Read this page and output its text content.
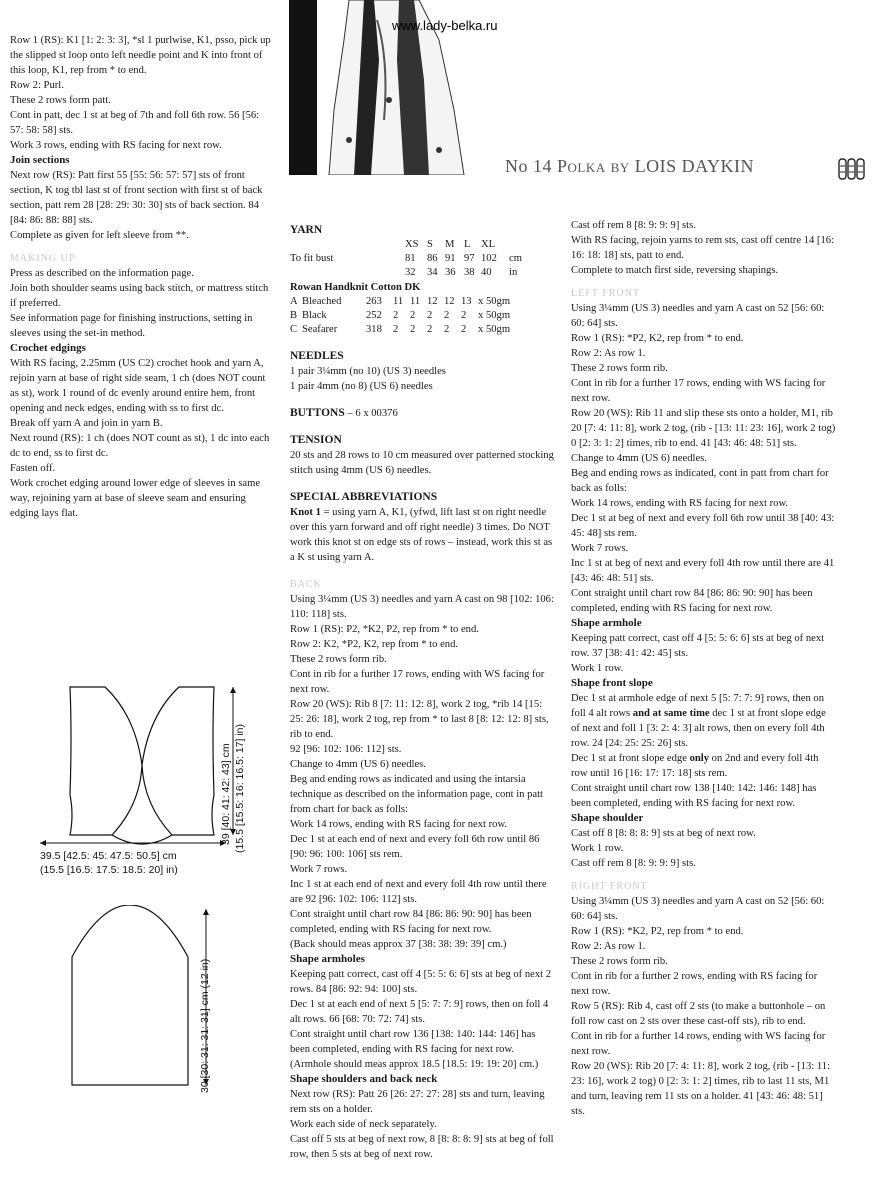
www.lady-belka.ru
No 14 Polka by LOIS DAYKIN

Row 1 (RS): K1 [1: 2: 3: 3], *sl 1 purlwise, K1, psso, pick up the slipped st loop onto left needle point and K into front of this loop, K1, rep from * to end.

Row 2: Purl.

These 2 rows form patt.

Cont in patt, dec 1 st at beg of 7th and foll 6th row. 56 [56: 57: 58: 58] sts.

Work 3 rows, ending with RS facing for next row.

Join sections

Next row (RS): Patt first 55 [55: 56: 57: 57] sts of front section, K tog tbl last st of front section with first st of back section, patt rem 28 [28: 29: 30: 30] sts of back section. 84 [84: 86: 88: 88] sts.

Complete as given for left sleeve from **.

MAKING UP

Press as described on the information page.

Join both shoulder seams using back stitch, or mattress stitch if preferred.

See information page for finishing instructions, setting in sleeves using the set-in method.

Crochet edgings

With RS facing, 2.25mm (US C2) crochet hook and yarn A, rejoin yarn at base of right side seam, 1 ch (does NOT count as st), work 1 round of dc evenly around entire hem, front opening and neck edges, ending with ss to first dc.

Break off yarn A and join in yarn B.

Next round (RS): 1 ch (does NOT count as st), 1 dc into each dc to end, ss to first dc.

Fasten off.

Work crochet edging around lower edge of sleeves in same way, rejoining yarn at base of sleeve seam and ensuring edging lays flat.

39.5 [42.5: 45: 47.5: 50.5] cm
(15.5 [16.5: 17.5: 18.5: 20] in)
39 [40: 41: 42: 43] cm (15.5 [15.5: 16: 16.5: 17] in)
30 [30: 31: 31: 31] cm (12 in)

YARN

	XS	S	M	L	XL	
To fit bust	81	86	91	97	102	cm
	32	34	36	38	40	in

Rowan Handknit Cotton DK

A	Bleached	263	11	11	12	12	13	x 50gm
B	Black	252	2	2	2	2	2	x 50gm
C	Seafarer	318	2	2	2	2	2	x 50gm

NEEDLES

1 pair 3¼mm (no 10) (US 3) needles

1 pair 4mm (no 8) (US 6) needles

BUTTONS – 6 x 00376

TENSION

20 sts and 28 rows to 10 cm measured over patterned stocking stitch using 4mm (US 6) needles.

SPECIAL ABBREVIATIONS

Knot 1 = using yarn A, K1, (yfwd, lift last st on right needle over this yarn forward and off right needle) 3 times. Do NOT work this knot st on edge sts of rows – instead, work this st as a K st using yarn A.

BACK

Using 3¼mm (US 3) needles and yarn A cast on 98 [102: 106: 110: 118] sts.

Row 1 (RS): P2, *K2, P2, rep from * to end.

Row 2: K2, *P2, K2, rep from * to end.

These 2 rows form rib.

Cont in rib for a further 17 rows, ending with WS facing for next row.

Row 20 (WS): Rib 8 [7: 11: 12: 8], work 2 tog, *rib 14 [15: 25: 26: 18], work 2 tog, rep from * to last 8 [8: 12: 12: 8] sts, rib to end.

92 [96: 102: 106: 112] sts.

Change to 4mm (US 6) needles.

Beg and ending rows as indicated and using the intarsia technique as described on the information page, cont in patt from chart for back as folls:

Work 14 rows, ending with RS facing for next row.

Dec 1 st at each end of next and every foll 6th row until 86 [90: 96: 100: 106] sts rem.

Work 7 rows.

Inc 1 st at each end of next and every foll 4th row until there are 92 [96: 102: 106: 112] sts.

Cont straight until chart row 84 [86: 86: 90: 90] has been completed, ending with RS facing for next row.

(Back should meas approx 37 [38: 38: 39: 39] cm.)

Shape armholes

Keeping patt correct, cast off 4 [5: 5: 6: 6] sts at beg of next 2 rows. 84 [86: 92: 94: 100] sts.

Dec 1 st at each end of next 5 [5: 7: 7: 9] rows, then on foll 4 alt rows. 66 [68: 70: 72: 74] sts.

Cont straight until chart row 136 [138: 140: 144: 146] has been completed, ending with RS facing for next row. (Armhole should meas approx 18.5 [18.5: 19: 19: 20] cm.)

Shape shoulders and back neck

Next row (RS): Patt 26 [26: 27: 27: 28] sts and turn, leaving rem sts on a holder.

Work each side of neck separately.

Cast off 5 sts at beg of next row, 8 [8: 8: 8: 9] sts at beg of foll row, then 5 sts at beg of next row.

Cast off rem 8 [8: 9: 9: 9] sts.

With RS facing, rejoin yarns to rem sts, cast off centre 14 [16: 16: 18: 18] sts, patt to end.

Complete to match first side, reversing shapings.

LEFT FRONT

Using 3¼mm (US 3) needles and yarn A cast on 52 [56: 60: 60: 64] sts.

Row 1 (RS): *P2, K2, rep from * to end.

Row 2: As row 1.

These 2 rows form rib.

Cont in rib for a further 17 rows, ending with WS facing for next row.

Row 20 (WS): Rib 11 and slip these sts onto a holder, M1, rib 20 [7: 4: 11: 8], work 2 tog, (rib - [13: 11: 23: 16], work 2 tog) 0 [2: 3: 1: 2] times, rib to end. 41 [43: 46: 48: 51] sts.

Change to 4mm (US 6) needles.

Beg and ending rows as indicated, cont in patt from chart for back as folls:

Work 14 rows, ending with RS facing for next row.

Dec 1 st at beg of next and every foll 6th row until 38 [40: 43: 45: 48] sts rem.

Work 7 rows.

Inc 1 st at beg of next and every foll 4th row until there are 41 [43: 46: 48: 51] sts.

Cont straight until chart row 84 [86: 86: 90: 90] has been completed, ending with RS facing for next row.

Shape armhole

Keeping patt correct, cast off 4 [5: 5: 6: 6] sts at beg of next row. 37 [38: 41: 42: 45] sts.

Work 1 row.

Shape front slope

Dec 1 st at armhole edge of next 5 [5: 7: 7: 9] rows, then on foll 4 alt rows and at same time dec 1 st at front slope edge of next and foll 1 [3: 2: 4: 3] alt rows, then on every foll 4th row. 24 [24: 25: 25: 26] sts.

Dec 1 st at front slope edge only on 2nd and every foll 4th row until 16 [16: 17: 17: 18] sts rem.

Cont straight until chart row 138 [140: 142: 146: 148] has been completed, ending with RS facing for next row.

Shape shoulder

Cast off 8 [8: 8: 8: 9] sts at beg of next row.

Work 1 row.

Cast off rem 8 [8: 9: 9: 9] sts.

RIGHT FRONT

Using 3¼mm (US 3) needles and yarn A cast on 52 [56: 60: 60: 64] sts.

Row 1 (RS): *K2, P2, rep from * to end.

Row 2: As row 1.

These 2 rows form rib.

Cont in rib for a further 2 rows, ending with RS facing for next row.

Row 5 (RS): Rib 4, cast off 2 sts (to make a buttonhole – on foll row cast on 2 sts over these cast-off sts), rib to end.

Cont in rib for a further 14 rows, ending with WS facing for next row.

Row 20 (WS): Rib 20 [7: 4: 11: 8], work 2 tog, (rib - [13: 11: 23: 16], work 2 tog) 0 [2: 3: 1: 2] times, rib to last 11 sts, M1 and turn, leaving rem 11 sts on a holder. 41 [43: 46: 48: 51] sts.
